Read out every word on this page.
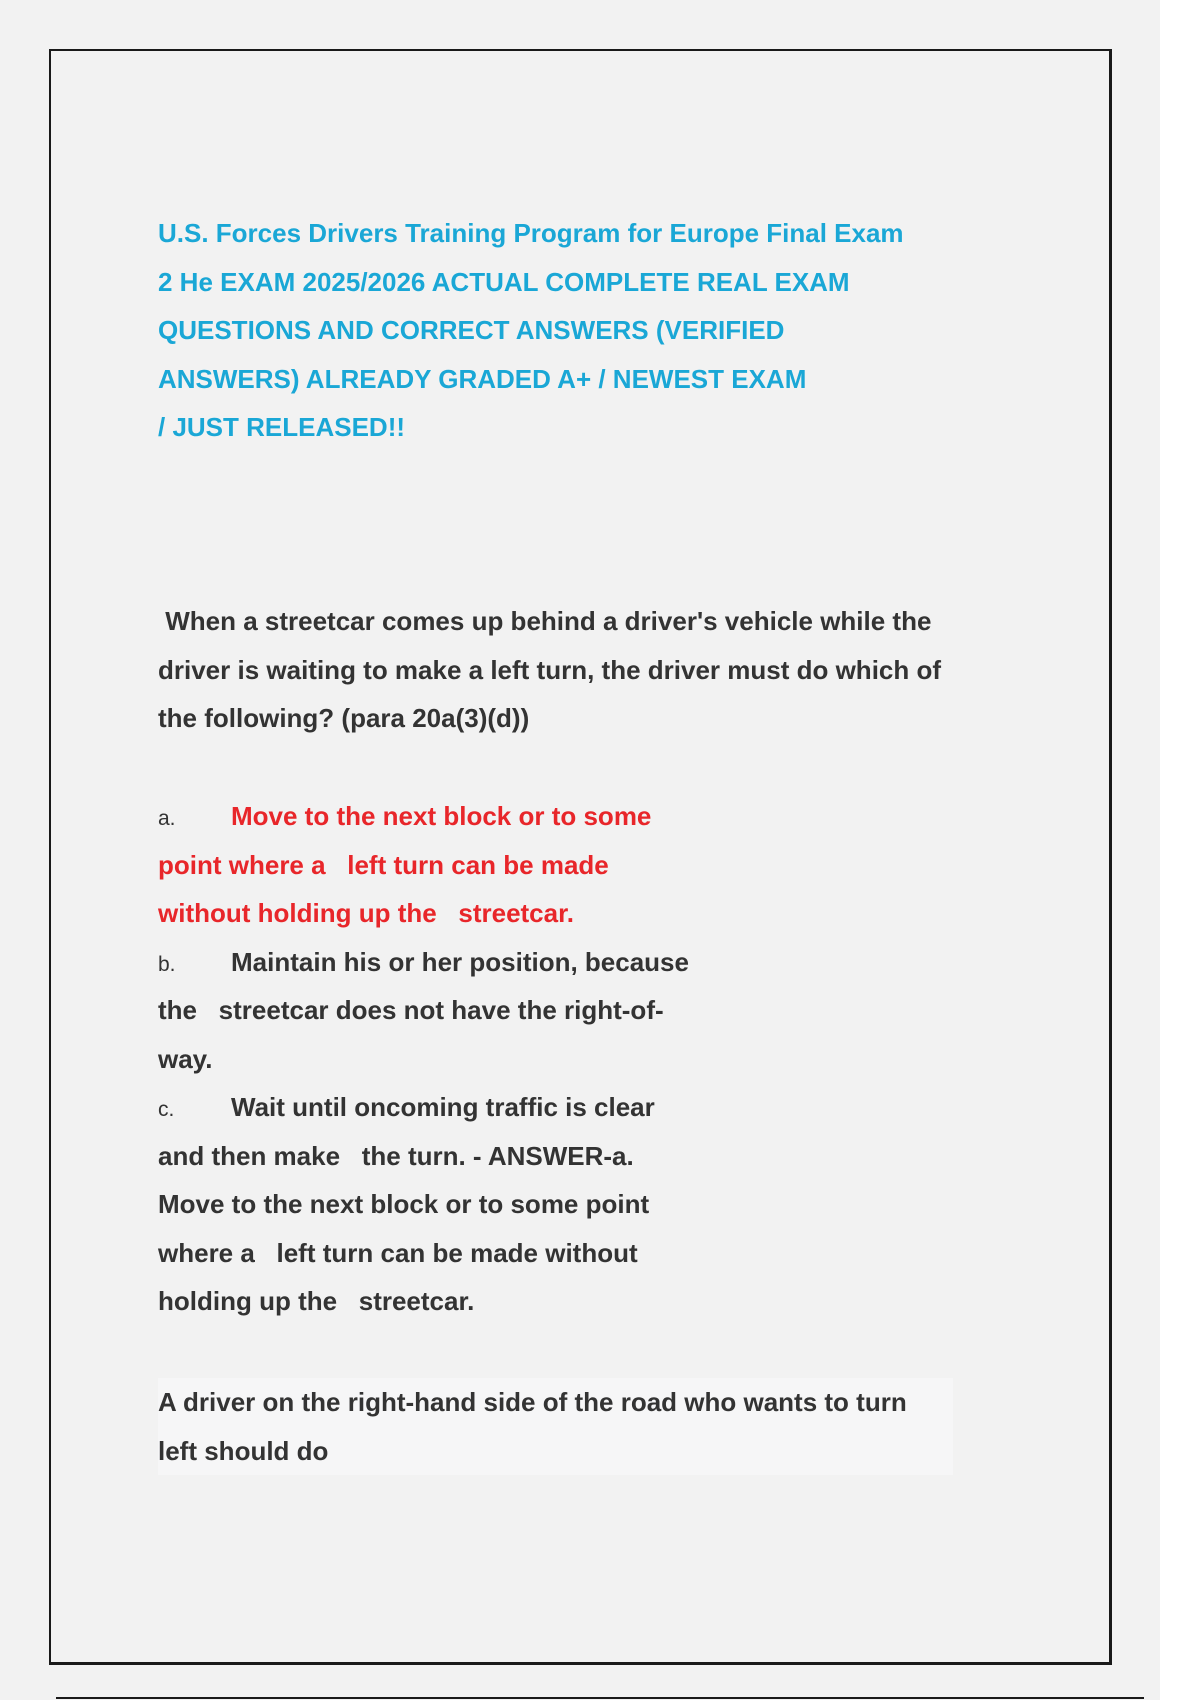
U.S. Forces Drivers Training Program for Europe Final Exam
2 He EXAM 2025/2026 ACTUAL COMPLETE REAL EXAM
QUESTIONS AND CORRECT ANSWERS (VERIFIED
ANSWERS) ALREADY GRADED A+ / NEWEST EXAM
/ JUST RELEASED!!
When a streetcar comes up behind a driver's vehicle while the
driver is waiting to make a left turn, the driver must do which of
the following? (para 20a(3)(d))
a. Move to the next block or to some
point where a   left turn can be made
without holding up the   streetcar.
b. Maintain his or her position, because
the   streetcar does not have the right-of-
way.
c. Wait until oncoming traffic is clear
and then make   the turn. - ANSWER-a.
Move to the next block or to some point
where a   left turn can be made without
holding up the   streetcar.
A driver on the right-hand side of the road who wants to turn
left should do
